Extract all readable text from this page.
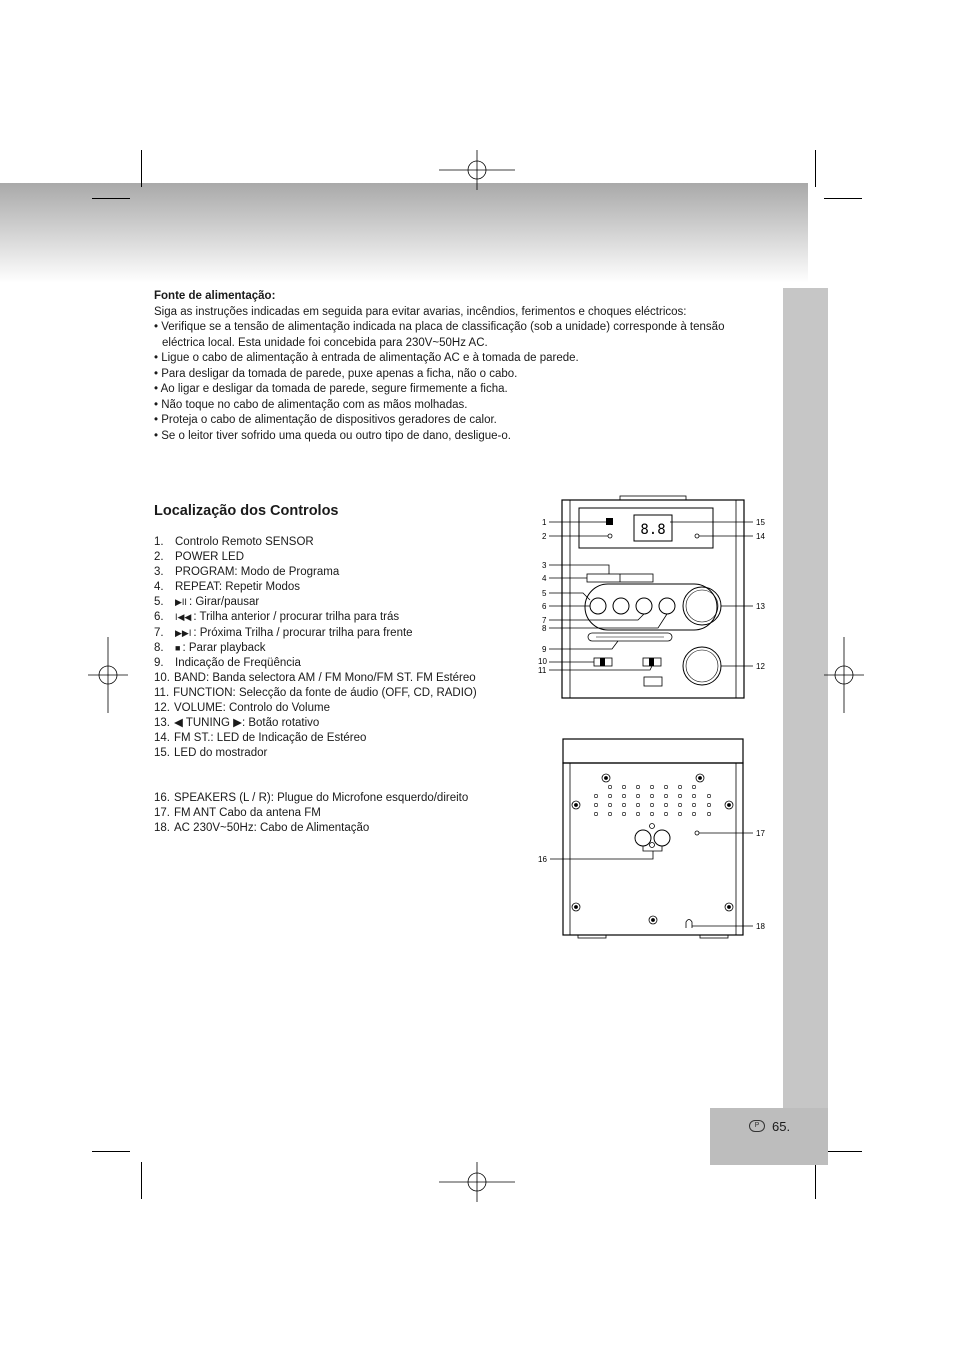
Fonte de alimentação:
Siga as instruções indicadas em seguida para evitar avarias, incêndios, ferimentos e choques eléctricos:
• Verifique se a tensão de alimentação indicada na placa de classificação (sob a unidade) corresponde à tensão eléctrica local. Esta unidade foi concebida para 230V~50Hz AC.
• Ligue o cabo de alimentação à entrada de alimentação AC e à tomada de parede.
• Para desligar da tomada de parede, puxe apenas a ficha, não o cabo.
• Ao ligar e desligar da tomada de parede, segure firmemente a ficha.
• Não toque no cabo de alimentação com as mãos molhadas.
• Proteja o cabo de alimentação de dispositivos geradores de calor.
• Se o leitor tiver sofrido uma queda ou outro tipo de dano, desligue-o.
Localização dos Controlos
1. Controlo Remoto SENSOR
2. POWER LED
3. PROGRAM: Modo de Programa
4. REPEAT: Repetir Modos
5. ▶II : Girar/pausar
6. I◀◀ : Trilha anterior / procurar trilha para trás
7. ▶▶I : Próxima Trilha / procurar trilha para frente
8. ■ : Parar playback
9. Indicação de Freqüência
10. BAND: Banda selectora AM / FM Mono/FM ST. FM Estéreo
11. FUNCTION: Selecção da fonte de áudio (OFF, CD, RADIO)
12. VOLUME: Controlo do Volume
13. ◀ TUNING ▶: Botão rotativo
14. FM ST.: LED de Indicação de Estéreo
15. LED do mostrador
16. SPEAKERS (L / R): Plugue do Microfone esquerdo/direito
17. FM ANT Cabo da antena FM
18. AC 230V~50Hz: Cabo de Alimentação
8.8
1
2
3
4
5
6
7
8
9
10
11
15
14
13
12
16
17
18
P 65.
